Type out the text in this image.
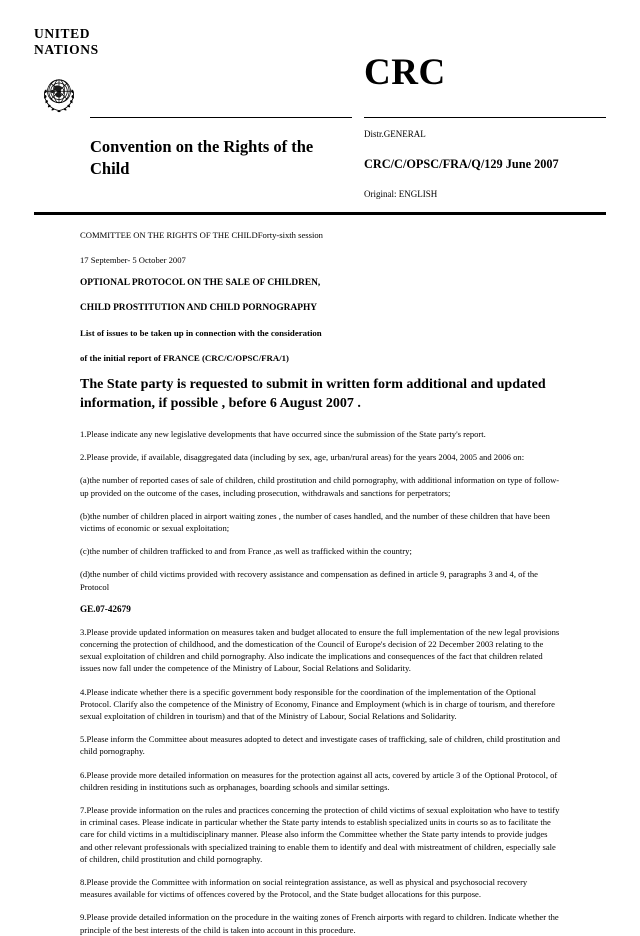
UNITED
NATIONS

CRC

Convention on the Rights of the Child

Distr.GENERAL
CRC/C/OPSC/FRA/Q/129 June 2007
Original: ENGLISH
COMMITTEE ON THE RIGHTS OF THE CHILDForty-sixth session
17 September- 5 October 2007
OPTIONAL PROTOCOL ON THE SALE OF CHILDREN,
CHILD PROSTITUTION AND CHILD PORNOGRAPHY
List of issues to be taken up in connection with the consideration
of the initial report of FRANCE (CRC/C/OPSC/FRA/1)
The State party is requested to submit in written form additional and updated information, if possible , before 6 August 2007 .
1.Please indicate any new legislative developments that have occurred since the submission of the State party's report.
2.Please provide, if available, disaggregated data (including by sex, age, urban/rural areas) for the years 2004, 2005 and 2006 on:
(a)the number of reported cases of sale of children, child prostitution and child pornography, with additional information on type of follow-up provided on the outcome of the cases, including prosecution, withdrawals and sanctions for perpetrators;
(b)the number of children placed in airport waiting zones , the number of cases handled, and the number of these children that have been victims of economic or sexual exploitation;
(c)the number of children trafficked to and from France ,as well as trafficked within the country;
(d)the number of child victims provided with recovery assistance and compensation as defined in article 9, paragraphs 3 and 4, of the Protocol
GE.07-42679
3.Please provide updated information on measures taken and budget allocated to ensure the full implementation of the new legal provisions concerning the protection of childhood, and the domestication of the Council of Europe's decision of 22 December 2003 relating to the sexual exploitation of children and child pornography. Also indicate the implications and consequences of the fact that children related issues now fall under the competence of the Ministry of Labour, Social Relations and Solidarity.
4.Please indicate whether there is a specific government body responsible for the coordination of the implementation of the Optional Protocol. Clarify also the competence of the Ministry of Economy, Finance and Employment (which is in charge of tourism, and therefore sexual exploitation of children in tourism) and that of the Ministry of Labour, Social Relations and Solidarity.
5.Please inform the Committee about measures adopted to detect and investigate cases of trafficking, sale of children, child prostitution and child pornography.
6.Please provide more detailed information on measures for the protection against all acts, covered by article 3 of the Optional Protocol, of children residing in institutions such as orphanages, boarding schools and similar settings.
7.Please provide information on the rules and practices concerning the protection of child victims of sexual exploitation who have to testify in criminal cases. Please indicate in particular whether the State party intends to establish specialized units in courts so as to facilitate the care for child victims in a multidisciplinary manner. Please also inform the Committee whether the State party intends to provide judges and other relevant professionals with specialized training to enable them to identify and deal with mistreatment of children, especially sale of children, child prostitution and child pornography.
8.Please provide the Committee with information on social reintegration assistance, as well as physical and psychosocial recovery measures available for victims of offences covered by the Protocol, and the State budget allocations for this purpose.
9.Please provide detailed information on the procedure in the waiting zones of French airports with regard to children. Indicate whether the principle of the best interests of the child is taken into account in this procedure.
